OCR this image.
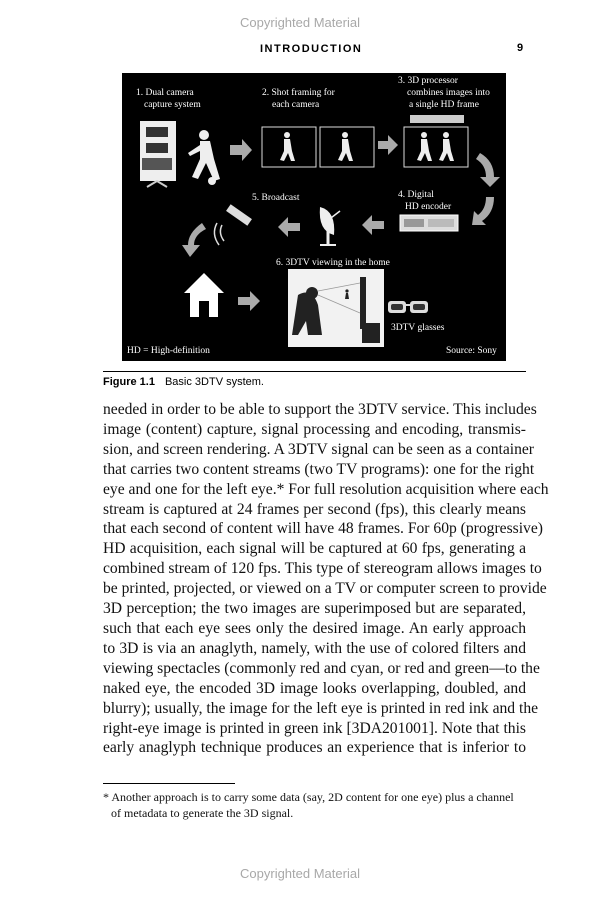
Copyrighted Material
INTRODUCTION	9
1. Dual camera
capture system
2. Shot framing for
each camera
3. 3D processor
combines images into
a single HD frame
4. Digital
HD encoder
5. Broadcast
6. 3DTV viewing in the home
3DTV glasses
HD = High-definition	Source: Sony
Figure 1.1 Basic 3DTV system.
needed in order to be able to support the 3DTV service. This includes
image (content) capture, signal processing and encoding, transmis-
sion, and screen rendering. A 3DTV signal can be seen as a container
that carries two content streams (two TV programs): one for the right
eye and one for the left eye.* For full resolution acquisition where each
stream is captured at 24 frames per second (fps), this clearly means
that each second of content will have 48 frames. For 60p (progressive)
HD acquisition, each signal will be captured at 60 fps, generating a
combined stream of 120 fps. This type of stereogram allows images to
be printed, projected, or viewed on a TV or computer screen to provide
3D perception; the two images are superimposed but are separated,
such that each eye sees only the desired image. An early approach
to 3D is via an anaglyth, namely, with the use of colored filters and
viewing spectacles (commonly red and cyan, or red and green—to the
naked eye, the encoded 3D image looks overlapping, doubled, and
blurry); usually, the image for the left eye is printed in red ink and the
right-eye image is printed in green ink [3DA201001]. Note that this
early anaglyph technique produces an experience that is inferior to
* Another approach is to carry some data (say, 2D content for one eye) plus a channel
of metadata to generate the 3D signal.
Copyrighted Material
